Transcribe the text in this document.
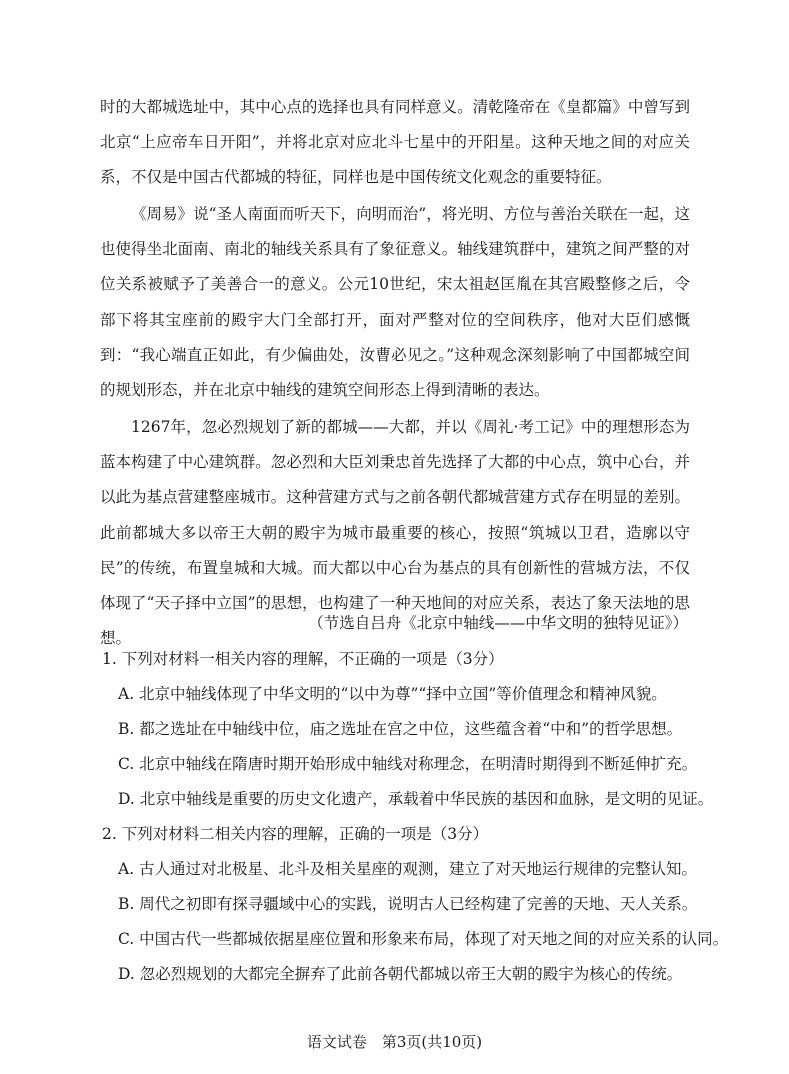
时的大都城选址中，其中心点的选择也具有同样意义。清乾隆帝在《皇都篇》中曾写到北京“上应帝车日开阳”，并将北京对应北斗七星中的开阳星。这种天地之间的对应关系，不仅是中国古代都城的特征，同样也是中国传统文化观念的重要特征。

《周易》说“圣人南面而听天下，向明而治”，将光明、方位与善治关联在一起，这也使得坐北面南、南北的轴线关系具有了象征意义。轴线建筑群中，建筑之间严整的对位关系被赋予了美善合一的意义。公元10世纪，宋太祖赵匡胤在其宫殿整修之后，令部下将其宝座前的殿宇大门全部打开，面对严整对位的空间秩序，他对大臣们感慨到：“我心端直正如此，有少偏曲处，汝曹必见之。”这种观念深刻影响了中国都城空间的规划形态，并在北京中轴线的建筑空间形态上得到清晰的表达。

1267年，忽必烈规划了新的都城——大都，并以《周礼·考工记》中的理想形态为蓝本构建了中心建筑群。忽必烈和大臣刘秉忠首先选择了大都的中心点，筑中心台，并以此为基点营建整座城市。这种营建方式与之前各朝代都城营建方式存在明显的差别。此前都城大多以帝王大朝的殿宇为城市最重要的核心，按照“筑城以卫君，造廓以守民”的传统，布置皇城和大城。而大都以中心台为基点的具有创新性的营城方法，不仅体现了“天子择中立国”的思想，也构建了一种天地间的对应关系，表达了象天法地的思想。

（节选自吕舟《北京中轴线——中华文明的独特见证》）

1. 下列对材料一相关内容的理解，不正确的一项是（3分）

A. 北京中轴线体现了中华文明的“以中为尊”“择中立国”等价值理念和精神风貌。

B. 都之选址在中轴线中位，庙之选址在宫之中位，这些蕴含着“中和”的哲学思想。

C. 北京中轴线在隋唐时期开始形成中轴线对称理念，在明清时期得到不断延伸扩充。

D. 北京中轴线是重要的历史文化遗产，承载着中华民族的基因和血脉，是文明的见证。

2. 下列对材料二相关内容的理解，正确的一项是（3分）

A. 古人通过对北极星、北斗及相关星座的观测，建立了对天地运行规律的完整认知。

B. 周代之初即有探寻疆域中心的实践，说明古人已经构建了完善的天地、天人关系。

C. 中国古代一些都城依据星座位置和形象来布局，体现了对天地之间的对应关系的认同。

D. 忽必烈规划的大都完全摒弃了此前各朝代都城以帝王大朝的殿宇为核心的传统。

语文试卷　第3页(共10页)
